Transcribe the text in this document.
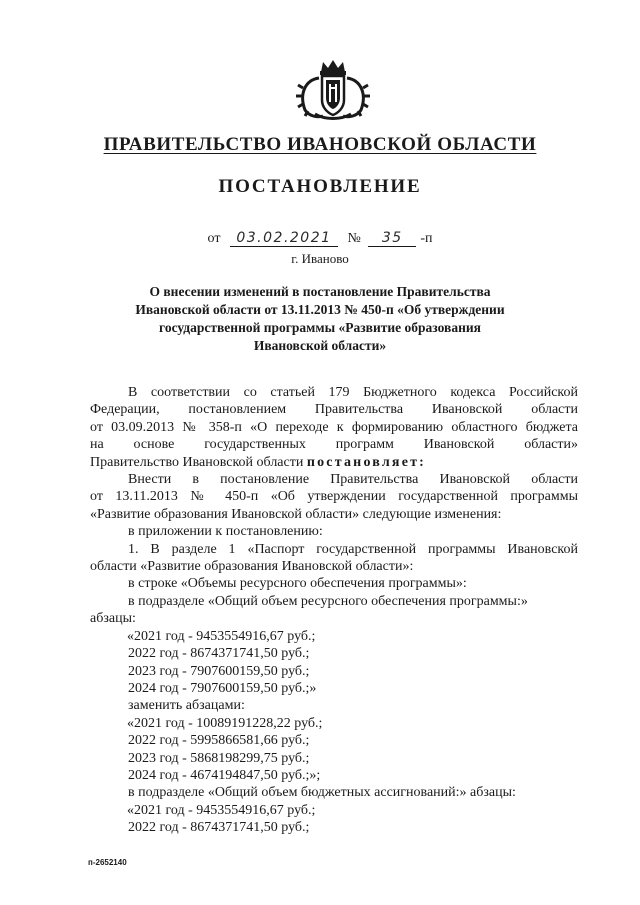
ПРАВИТЕЛЬСТВО ИВАНОВСКОЙ ОБЛАСТИ
ПОСТАНОВЛЕНИЕ
от 03.02.2021 № 35 -п
г. Иваново
О внесении изменений в постановление Правительства
Ивановской области от 13.11.2013 № 450-п «Об утверждении
государственной программы «Развитие образования
Ивановской области»

В соответствии со статьей 179 Бюджетного кодекса Российской

Федерации, постановлением Правительства Ивановской области

от 03.09.2013 № 358-п «О переходе к формированию областного бюджета

на основе государственных программ Ивановской области»

Правительство Ивановской области постановляет:

Внести в постановление Правительства Ивановской области

от 13.11.2013 № 450-п «Об утверждении государственной программы

«Развитие образования Ивановской области» следующие изменения:

в приложении к постановлению:

1. В разделе 1 «Паспорт государственной программы Ивановской

области «Развитие образования Ивановской области»:

в строке «Объемы ресурсного обеспечения программы»:

в подразделе «Общий объем ресурсного обеспечения программы:»

абзацы:

«2021 год - 9453554916,67 руб.;

2022 год - 8674371741,50 руб.;

2023 год - 7907600159,50 руб.;

2024 год - 7907600159,50 руб.;»

заменить абзацами:

«2021 год - 10089191228,22 руб.;

2022 год - 5995866581,66 руб.;

2023 год - 5868198299,75 руб.;

2024 год - 4674194847,50 руб.;»;

в подразделе «Общий объем бюджетных ассигнований:» абзацы:

«2021 год - 9453554916,67 руб.;

2022 год - 8674371741,50 руб.;

п-2652140
